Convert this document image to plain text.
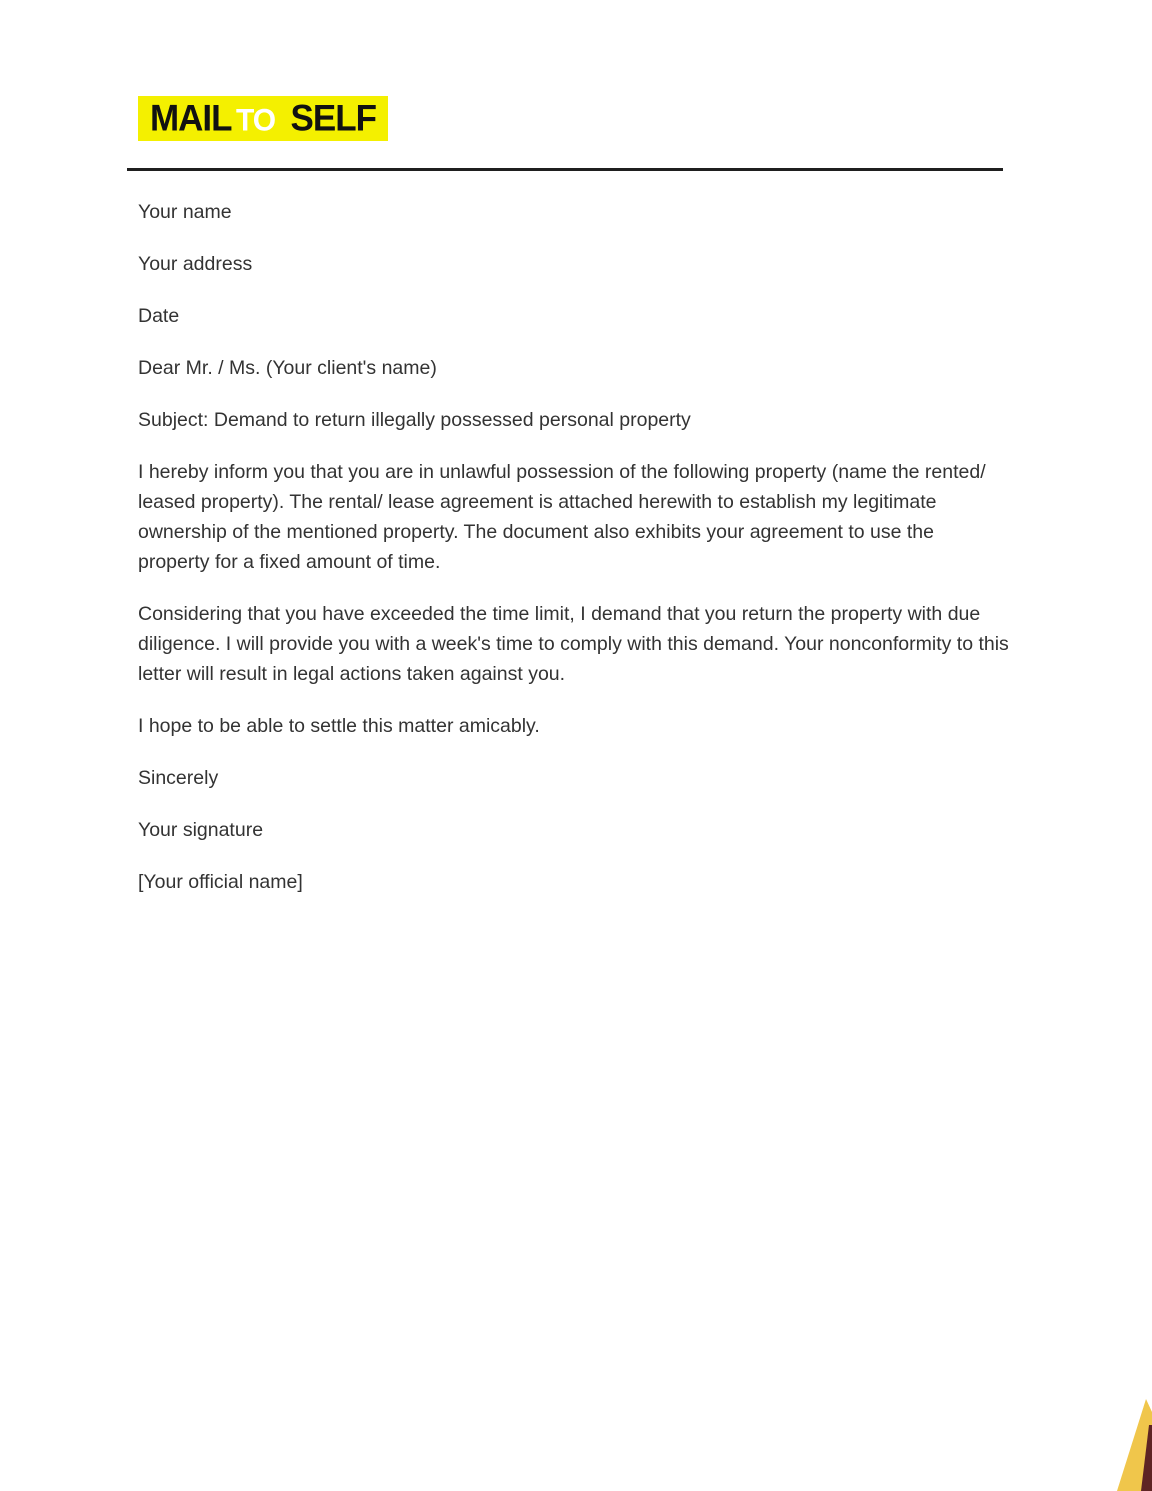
MAIL TO SELF

Your name

Your address

Date

Dear Mr. / Ms. (Your client's name)

Subject: Demand to return illegally possessed personal property

I hereby inform you that you are in unlawful possession of the following property (name the rented/ leased property). The rental/ lease agreement is attached herewith to establish my legitimate ownership of the mentioned property. The document also exhibits your agreement to use the property for a fixed amount of time.

Considering that you have exceeded the time limit, I demand that you return the property with due diligence. I will provide you with a week's time to comply with this demand. Your nonconformity to this letter will result in legal actions taken against you.

I hope to be able to settle this matter amicably.

Sincerely

Your signature

[Your official name]
